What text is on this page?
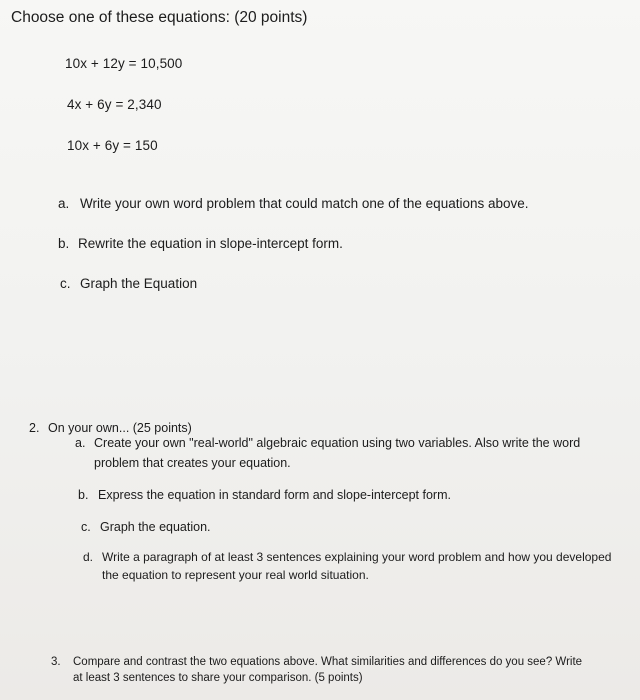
Choose one of these equations: (20 points)
10x + 12y = 10,500
4x + 6y = 2,340
10x + 6y = 150
a. Write your own word problem that could match one of the equations above.
b. Rewrite the equation in slope-intercept form.
c. Graph the Equation
2. On your own... (25 points)
a. Create your own "real-world" algebraic equation using two variables. Also write the word
problem that creates your equation.
b. Express the equation in standard form and slope-intercept form.
c. Graph the equation.
d. Write a paragraph of at least 3 sentences explaining your word problem and how you developed
the equation to represent your real world situation.
3. Compare and contrast the two equations above. What similarities and differences do you see? Write
at least 3 sentences to share your comparison. (5 points)
